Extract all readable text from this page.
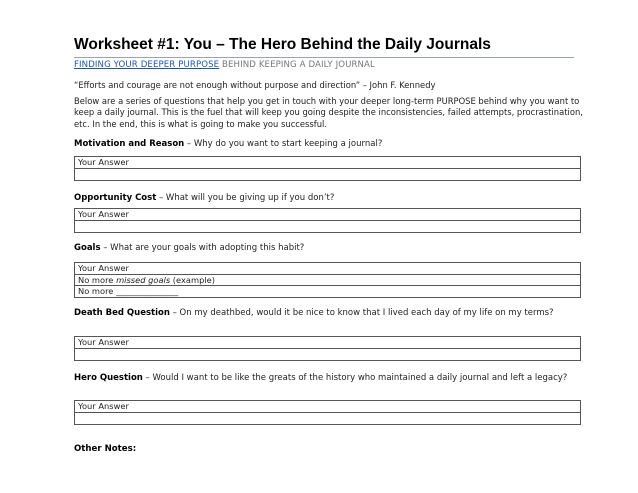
Worksheet #1: You – The Hero Behind the Daily Journals
FINDING YOUR DEEPER PURPOSE BEHIND KEEPING A DAILY JOURNAL
“Efforts and courage are not enough without purpose and direction” – John F. Kennedy
Below are a series of questions that help you get in touch with your deeper long-term PURPOSE behind why you want to keep a daily journal. This is the fuel that will keep you going despite the inconsistencies, failed attempts, procrastination, etc. In the end, this is what is going to make you successful.
Motivation and Reason – Why do you want to start keeping a journal?
Your Answer
Opportunity Cost – What will you be giving up if you don’t?
Your Answer
Goals – What are your goals with adopting this habit?
Your Answer
No more missed goals (example)
No more _______________
Death Bed Question – On my deathbed, would it be nice to know that I lived each day of my life on my terms?
Your Answer
Hero Question – Would I want to be like the greats of the history who maintained a daily journal and left a legacy?
Your Answer
Other Notes:
